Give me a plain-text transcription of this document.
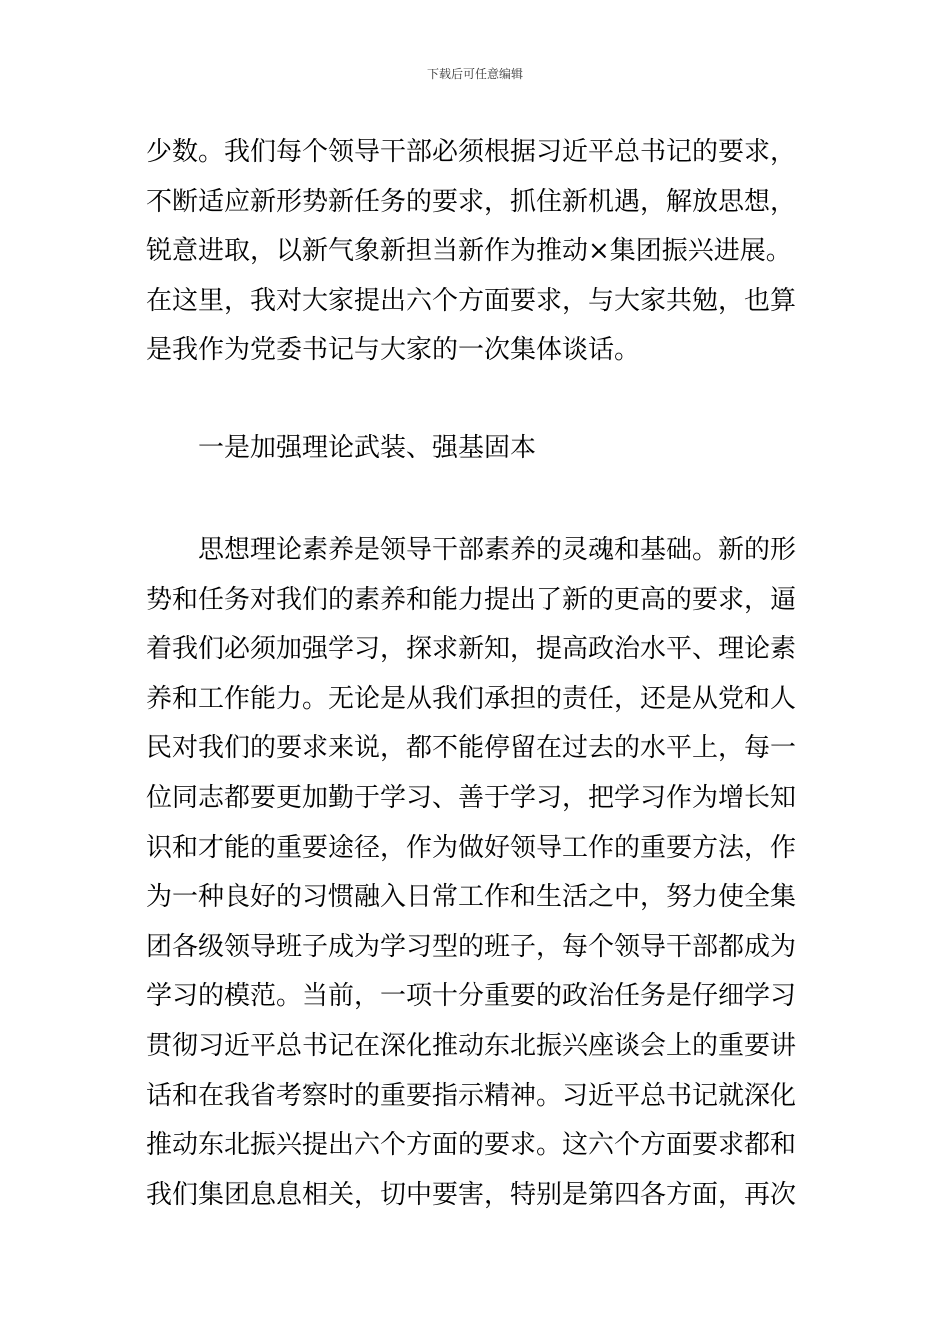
下载后可任意编辑
少数。我们每个领导干部必须根据习近平总书记的要求，
不断适应新形势新任务的要求，抓住新机遇，解放思想，
锐意进取，以新气象新担当新作为推动×集团振兴进展。
在这里，我对大家提出六个方面要求，与大家共勉，也算
是我作为党委书记与大家的一次集体谈话。
一是加强理论武装、强基固本
思想理论素养是领导干部素养的灵魂和基础。新的形
势和任务对我们的素养和能力提出了新的更高的要求，逼
着我们必须加强学习，探求新知，提高政治水平、理论素
养和工作能力。无论是从我们承担的责任，还是从党和人
民对我们的要求来说，都不能停留在过去的水平上，每一
位同志都要更加勤于学习、善于学习，把学习作为增长知
识和才能的重要途径，作为做好领导工作的重要方法，作
为一种良好的习惯融入日常工作和生活之中，努力使全集
团各级领导班子成为学习型的班子，每个领导干部都成为
学习的模范。当前，一项十分重要的政治任务是仔细学习
贯彻习近平总书记在深化推动东北振兴座谈会上的重要讲
话和在我省考察时的重要指示精神。习近平总书记就深化
推动东北振兴提出六个方面的要求。这六个方面要求都和
我们集团息息相关，切中要害，特别是第四各方面，再次
